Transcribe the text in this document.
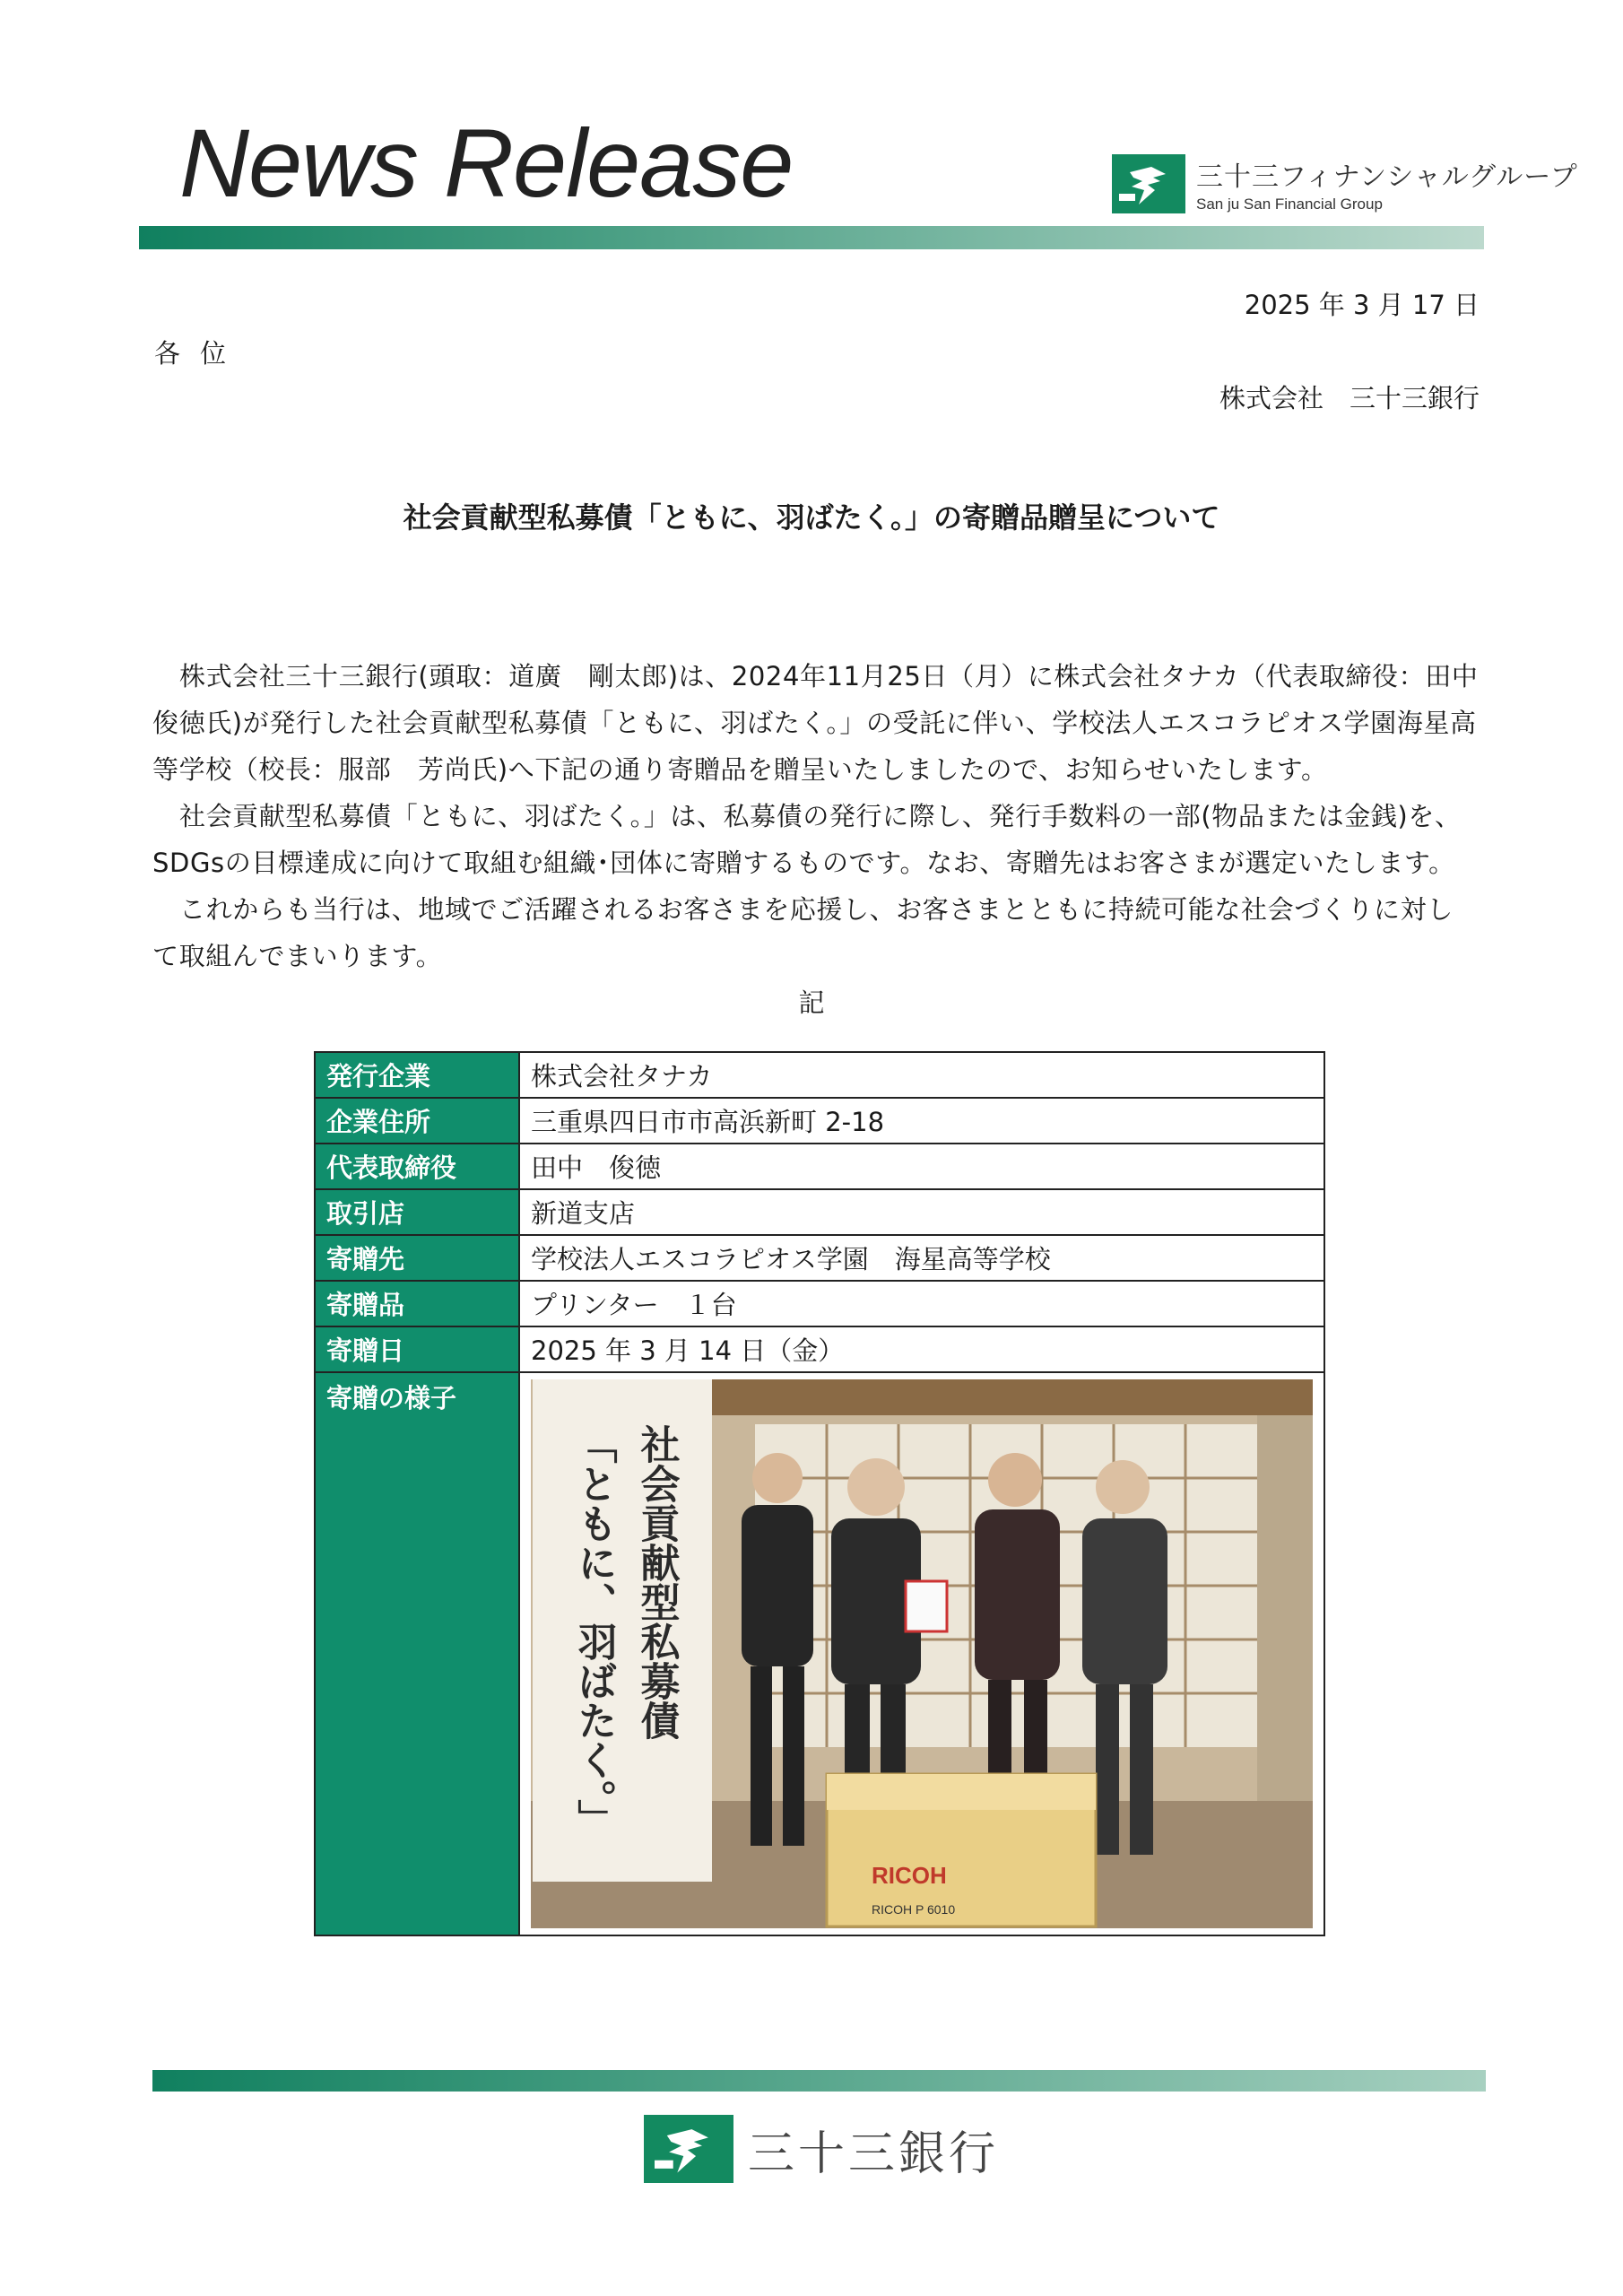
News Release	三十三フィナンシャルグループ
San ju San Financial Group
2025 年 3 月 17 日
各位
株式会社　三十三銀行
社会貢献型私募債「ともに、羽ばたく。」の寄贈品贈呈について

株式会社三十三銀行(頭取：道廣　剛太郎)は、2024年11月25日（月）に株式会社タナカ（代表取締役：田中　俊徳氏)が発行した社会貢献型私募債「ともに、羽ばたく。」の受託に伴い、学校法人エスコラピオス学園海星高等学校（校長：服部　芳尚氏)へ下記の通り寄贈品を贈呈いたしましたので、お知らせいたします。

社会貢献型私募債「ともに、羽ばたく。」は、私募債の発行に際し、発行手数料の一部(物品または金銭)を、SDGsの目標達成に向けて取組む組織･団体に寄贈するものです。なお、寄贈先はお客さまが選定いたします。

これからも当行は、地域でご活躍されるお客さまを応援し、お客さまとともに持続可能な社会づくりに対して取組んでまいります。

記
発行企業	株式会社タナカ
企業住所	三重県四日市市高浜新町 2-18
代表取締役	田中　俊徳
取引店	新道支店
寄贈先	学校法人エスコラピオス学園　海星高等学校
寄贈品	プリンター　１台
寄贈日	2025 年 3 月 14 日（金）
寄贈の様子	社会貢献型私募債
「ともに、羽ばたく。」
RICOH
RICOH P 6010
三十三銀行
